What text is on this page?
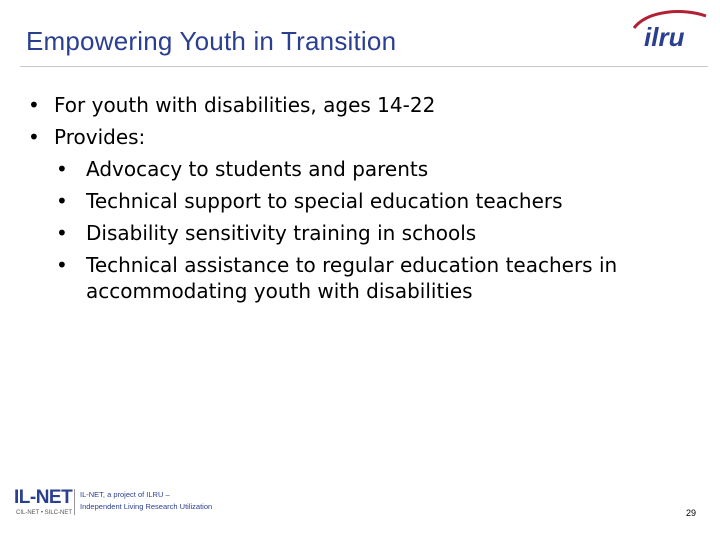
Empowering Youth in Transition	ilru
• For youth with disabilities, ages 14-22
• Provides:
• Advocacy to students and parents
• Technical support to special education teachers
• Disability sensitivity training in schools
• Technical assistance to regular education teachers in accommodating youth with disabilities
IL-NET
CIL-NET • SILC-NET
IL-NET, a project of ILRU –
Independent Living Research Utilization
29
